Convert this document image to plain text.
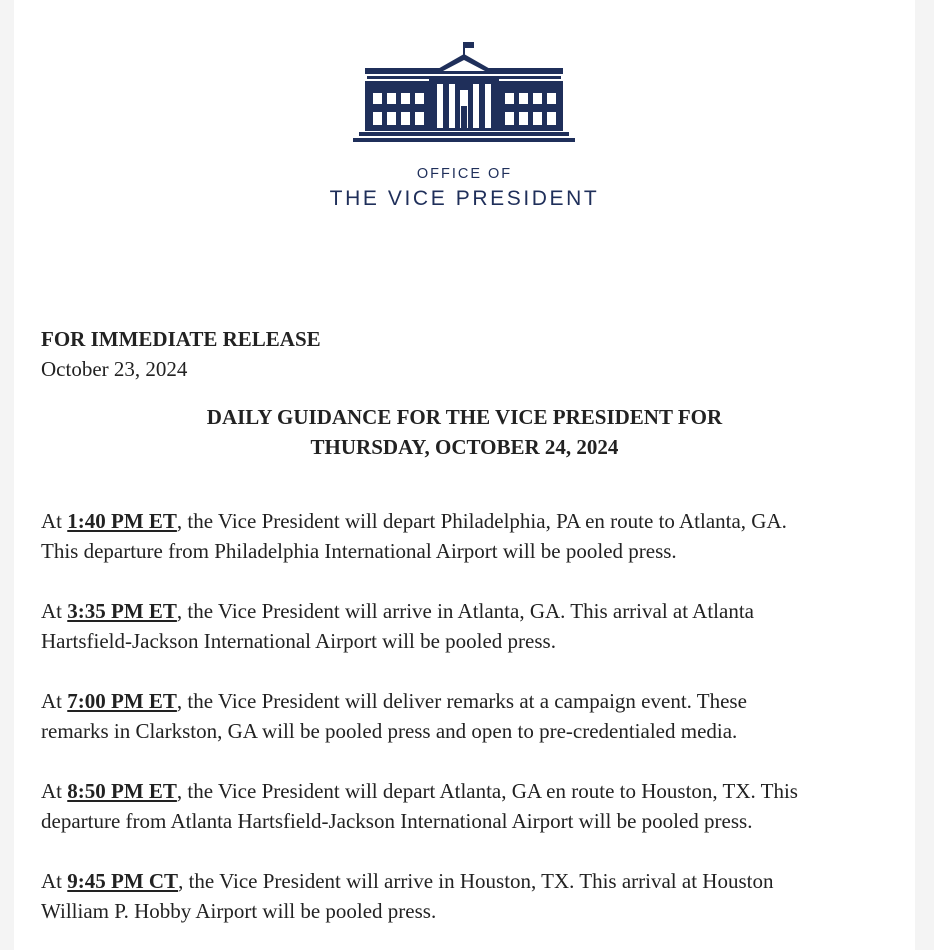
OFFICE OF
THE VICE PRESIDENT
FOR IMMEDIATE RELEASE
October 23, 2024
DAILY GUIDANCE FOR THE VICE PRESIDENT FOR
THURSDAY, OCTOBER 24, 2024
At 1:40 PM ET, the Vice President will depart Philadelphia, PA en route to Atlanta, GA.
This departure from Philadelphia International Airport will be pooled press.
At 3:35 PM ET, the Vice President will arrive in Atlanta, GA. This arrival at Atlanta
Hartsfield-Jackson International Airport will be pooled press.
At 7:00 PM ET, the Vice President will deliver remarks at a campaign event. These
remarks in Clarkston, GA will be pooled press and open to pre-credentialed media.
At 8:50 PM ET, the Vice President will depart Atlanta, GA en route to Houston, TX. This
departure from Atlanta Hartsfield-Jackson International Airport will be pooled press.
At 9:45 PM CT, the Vice President will arrive in Houston, TX. This arrival at Houston
William P. Hobby Airport will be pooled press.
